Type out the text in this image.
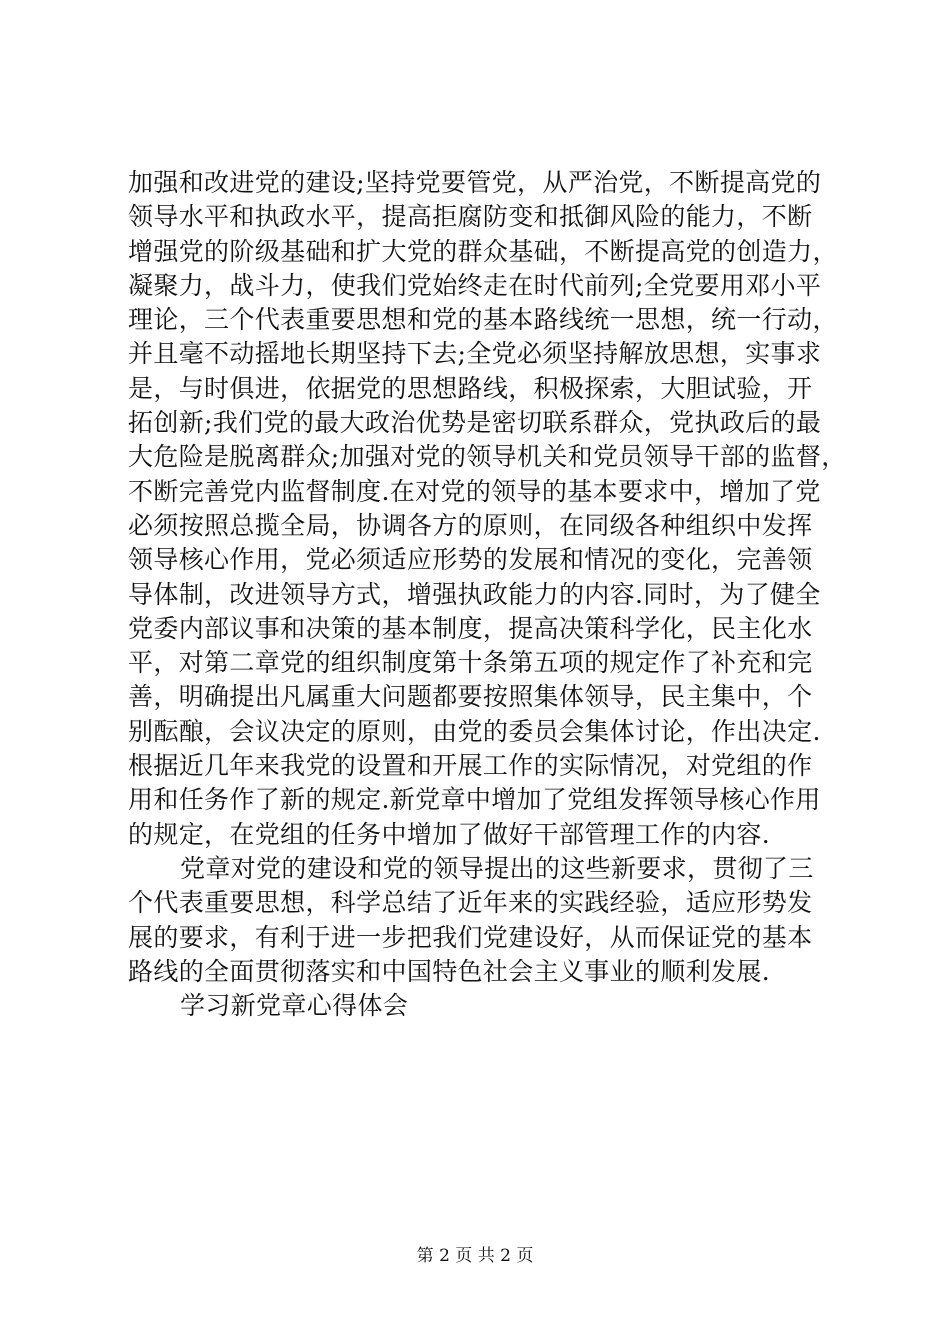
加强和改进党的建设;坚持党要管党，从严治党，不断提高党的
领导水平和执政水平，提高拒腐防变和抵御风险的能力，不断
增强党的阶级基础和扩大党的群众基础，不断提高党的创造力，
凝聚力，战斗力，使我们党始终走在时代前列;全党要用邓小平
理论，三个代表重要思想和党的基本路线统一思想，统一行动，
并且毫不动摇地长期坚持下去;全党必须坚持解放思想，实事求
是，与时俱进，依据党的思想路线，积极探索，大胆试验，开
拓创新;我们党的最大政治优势是密切联系群众，党执政后的最
大危险是脱离群众;加强对党的领导机关和党员领导干部的监督，
不断完善党内监督制度.在对党的领导的基本要求中，增加了党
必须按照总揽全局，协调各方的原则，在同级各种组织中发挥
领导核心作用，党必须适应形势的发展和情况的变化，完善领
导体制，改进领导方式，增强执政能力的内容.同时，为了健全
党委内部议事和决策的基本制度，提高决策科学化，民主化水
平，对第二章党的组织制度第十条第五项的规定作了补充和完
善，明确提出凡属重大问题都要按照集体领导，民主集中，个
别酝酿，会议决定的原则，由党的委员会集体讨论，作出决定.
根据近几年来我党的设置和开展工作的实际情况，对党组的作
用和任务作了新的规定.新党章中增加了党组发挥领导核心作用
的规定，在党组的任务中增加了做好干部管理工作的内容.
党章对党的建设和党的领导提出的这些新要求，贯彻了三
个代表重要思想，科学总结了近年来的实践经验，适应形势发
展的要求，有利于进一步把我们党建设好，从而保证党的基本
路线的全面贯彻落实和中国特色社会主义事业的顺利发展.
学习新党章心得体会
第 2 页 共 2 页
